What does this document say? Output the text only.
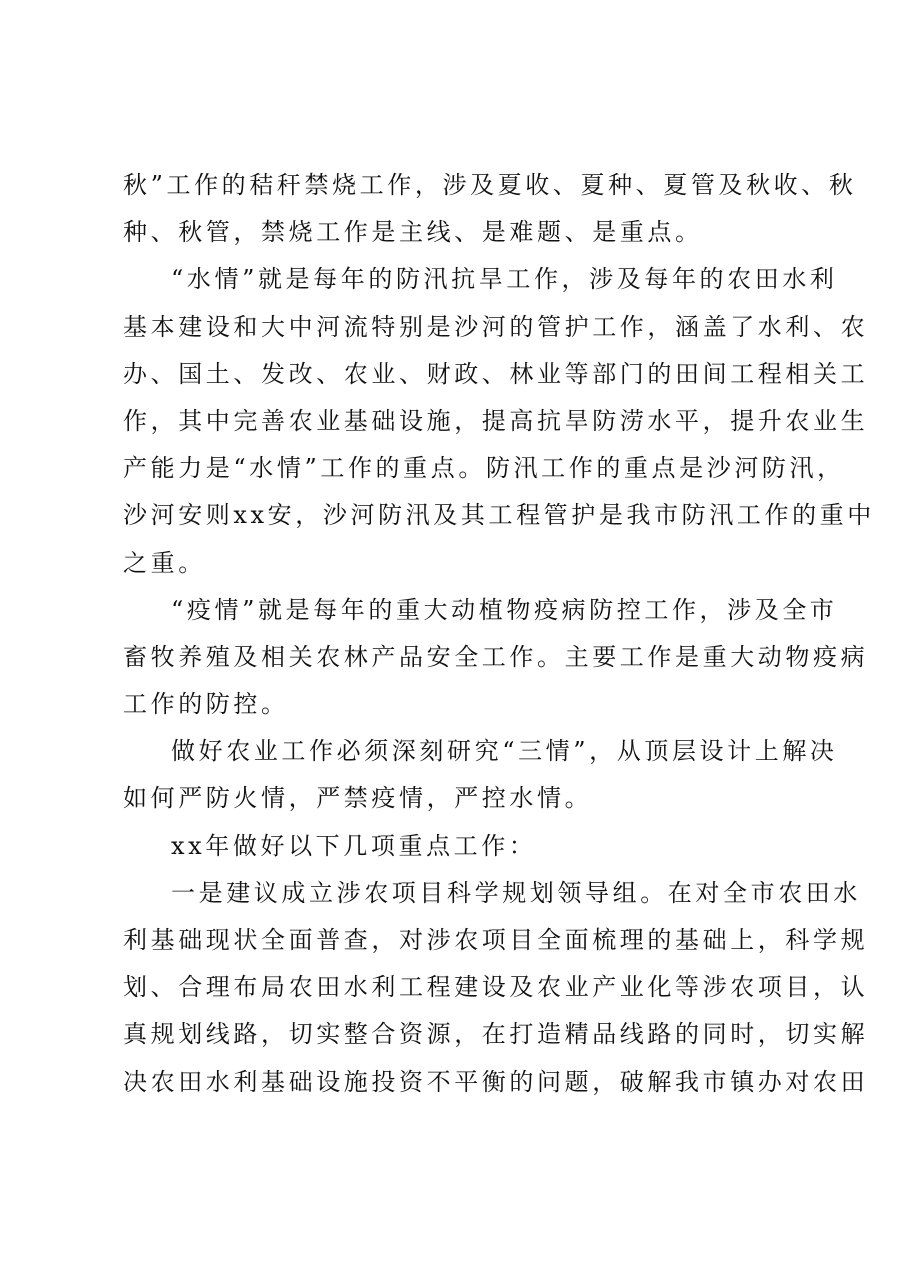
秋”工作的秸秆禁烧工作，涉及夏收、夏种、夏管及秋收、秋
种、秋管，禁烧工作是主线、是难题、是重点。
“水情”就是每年的防汛抗旱工作，涉及每年的农田水利
基本建设和大中河流特别是沙河的管护工作，涵盖了水利、农
办、国土、发改、农业、财政、林业等部门的田间工程相关工
作，其中完善农业基础设施，提高抗旱防涝水平，提升农业生
产能力是“水情”工作的重点。防汛工作的重点是沙河防汛，
沙河安则xx安，沙河防汛及其工程管护是我市防汛工作的重中
之重。
“疫情”就是每年的重大动植物疫病防控工作，涉及全市
畜牧养殖及相关农林产品安全工作。主要工作是重大动物疫病
工作的防控。
做好农业工作必须深刻研究“三情”，从顶层设计上解决
如何严防火情，严禁疫情，严控水情。
xx年做好以下几项重点工作：
一是建议成立涉农项目科学规划领导组。在对全市农田水
利基础现状全面普查，对涉农项目全面梳理的基础上，科学规
划、合理布局农田水利工程建设及农业产业化等涉农项目，认
真规划线路，切实整合资源，在打造精品线路的同时，切实解
决农田水利基础设施投资不平衡的问题，破解我市镇办对农田
